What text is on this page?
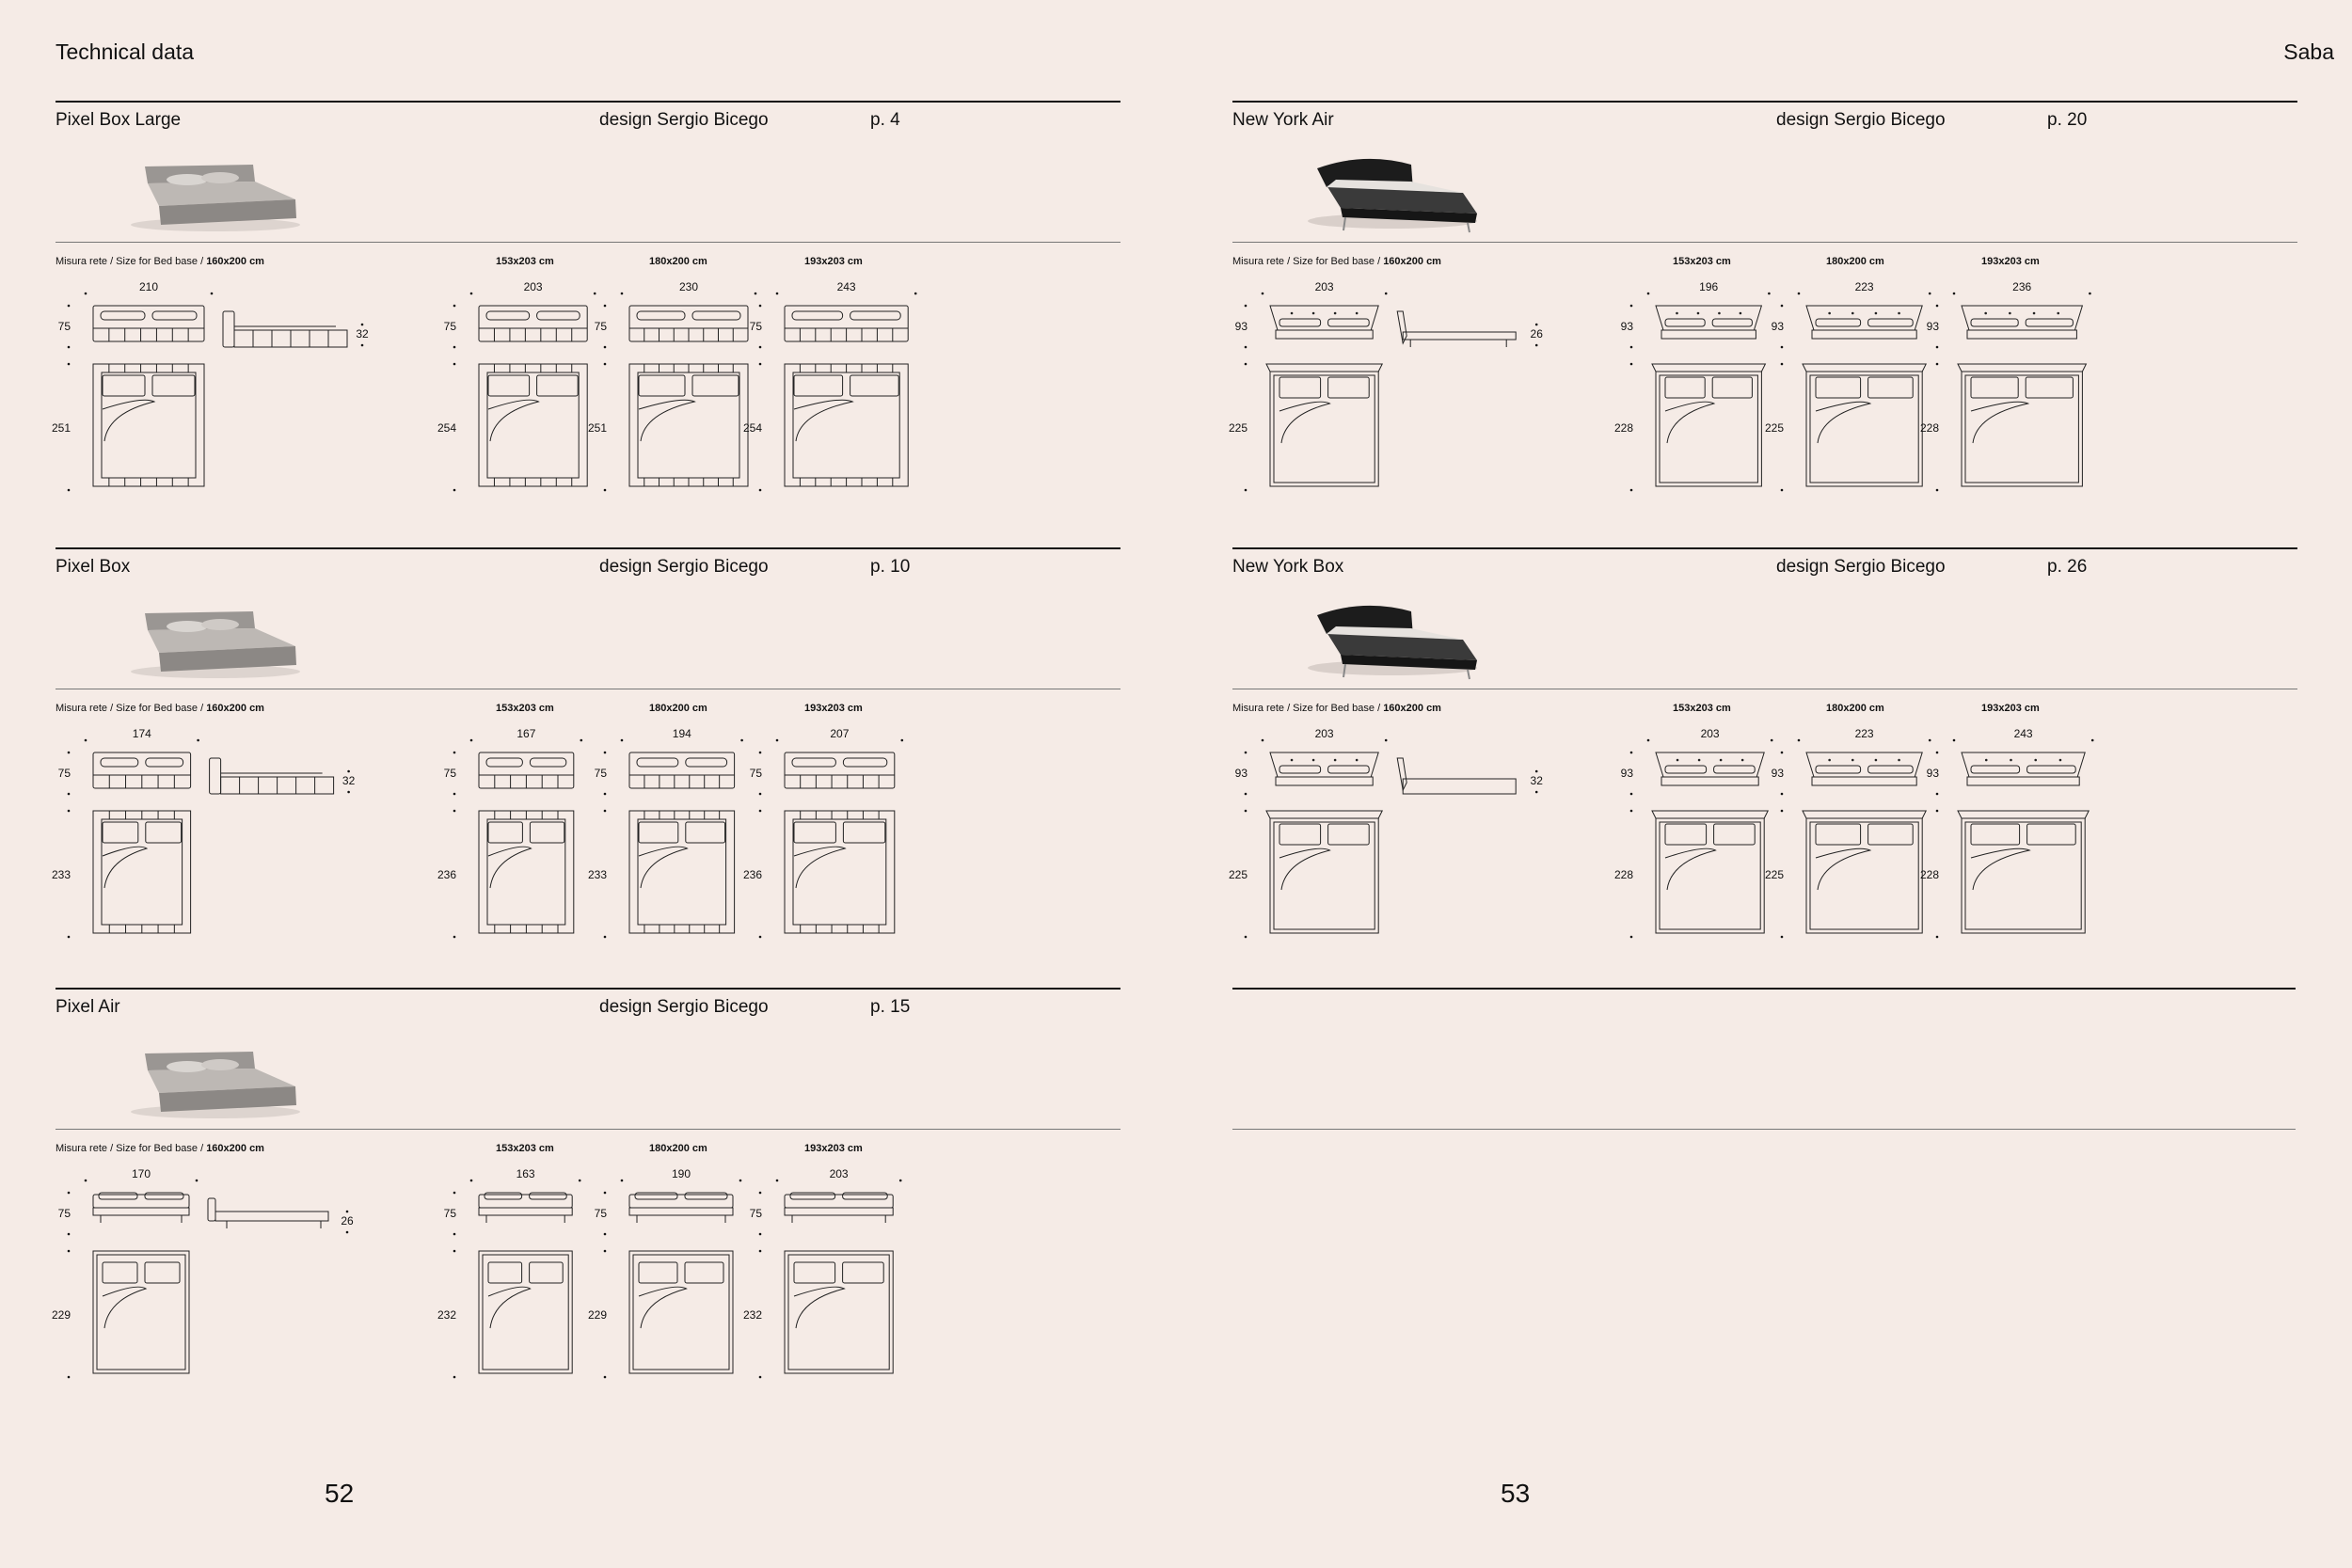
Technical data
52
Saba
53
Pixel Box Large	design Sergio Bicego	p. 4
Misura rete / Size for Bed base / 160x200 cm	153x203 cm	180x200 cm	193x203 cm
210
75
251
32
203
75
254
230
75
251
243
75
254
Pixel Box	design Sergio Bicego	p. 10
Misura rete / Size for Bed base / 160x200 cm	153x203 cm	180x200 cm	193x203 cm
174
75
233
32
167
75
236
194
75
233
207
75
236
Pixel Air	design Sergio Bicego	p. 15
Misura rete / Size for Bed base / 160x200 cm	153x203 cm	180x200 cm	193x203 cm
170
75
229
26
163
75
232
190
75
229
203
75
232
New York Air	design Sergio Bicego	p. 20
Misura rete / Size for Bed base / 160x200 cm	153x203 cm	180x200 cm	193x203 cm
203
93
225
26
196
93
228
223
93
225
236
93
228
New York Box	design Sergio Bicego	p. 26
Misura rete / Size for Bed base / 160x200 cm	153x203 cm	180x200 cm	193x203 cm
203
93
225
32
203
93
228
223
93
225
243
93
228
